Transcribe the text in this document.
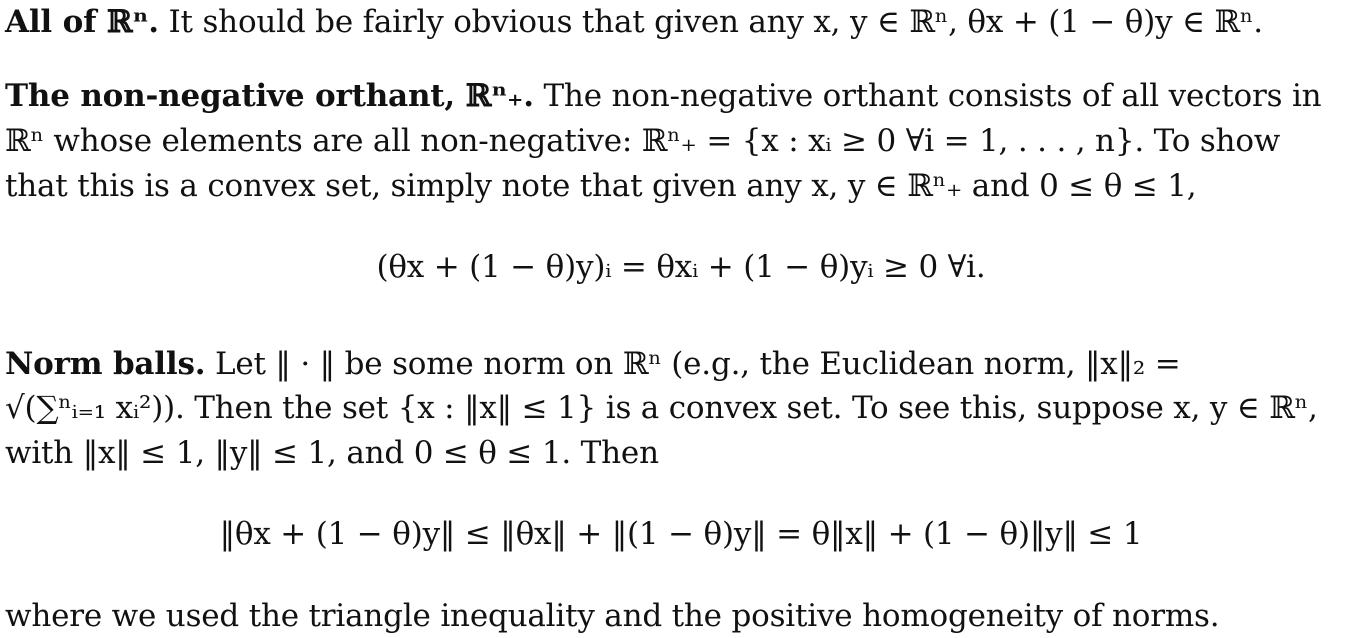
All of ℝⁿ. It should be fairly obvious that given any x, y ∈ ℝⁿ, θx + (1 − θ)y ∈ ℝⁿ.
The non-negative orthant, ℝⁿ₊. The non-negative orthant consists of all vectors in
ℝⁿ whose elements are all non-negative: ℝⁿ₊ = {x : xᵢ ≥ 0 ∀i = 1, . . . , n}. To show
that this is a convex set, simply note that given any x, y ∈ ℝⁿ₊ and 0 ≤ θ ≤ 1,
(θx + (1 − θ)y)ᵢ = θxᵢ + (1 − θ)yᵢ ≥ 0 ∀i.
Norm balls. Let ‖ · ‖ be some norm on ℝⁿ (e.g., the Euclidean norm, ‖x‖₂ =
√(∑ⁿᵢ₌₁ xᵢ²)). Then the set {x : ‖x‖ ≤ 1} is a convex set. To see this, suppose x, y ∈ ℝⁿ,
with ‖x‖ ≤ 1, ‖y‖ ≤ 1, and 0 ≤ θ ≤ 1. Then
‖θx + (1 − θ)y‖ ≤ ‖θx‖ + ‖(1 − θ)y‖ = θ‖x‖ + (1 − θ)‖y‖ ≤ 1
where we used the triangle inequality and the positive homogeneity of norms.
